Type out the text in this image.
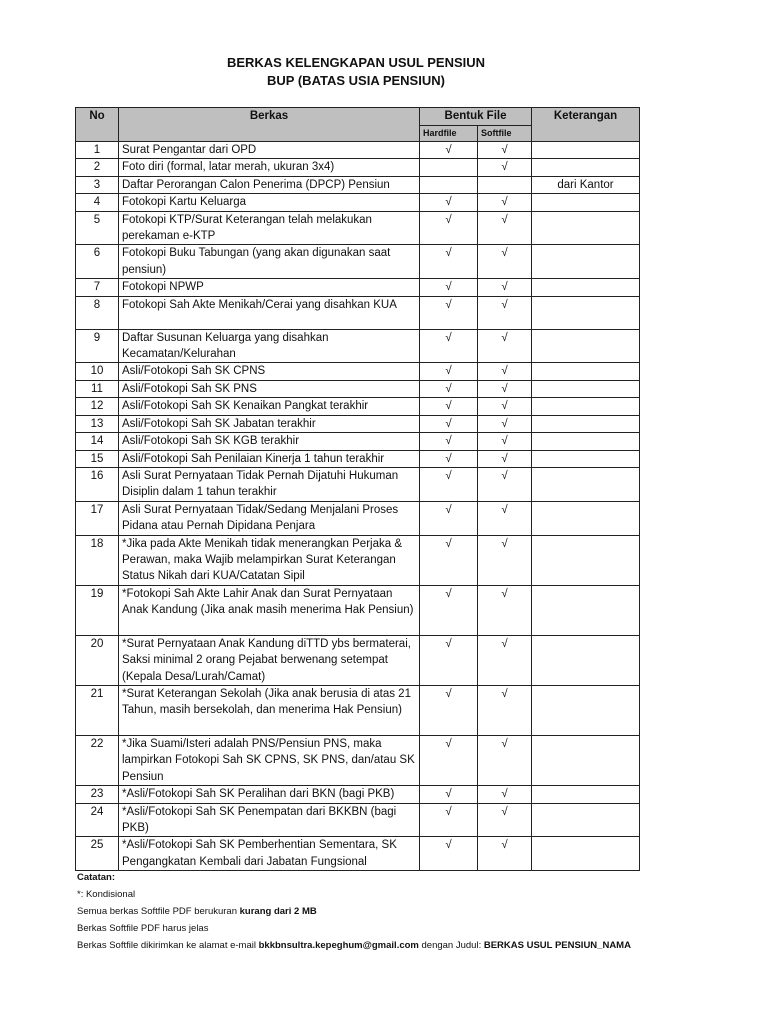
BERKAS KELENGKAPAN USUL PENSIUN
BUP (BATAS USIA PENSIUN)
No	Berkas	Bentuk File		Keterangan
		Hardfile	Softfile	
1	Surat Pengantar dari OPD	√	√	
2	Foto diri (formal, latar merah, ukuran 3x4)		√	
3	Daftar Perorangan Calon Penerima (DPCP) Pensiun			dari Kantor
4	Fotokopi Kartu Keluarga	√	√	
5	Fotokopi KTP/Surat Keterangan telah melakukan perekaman e-KTP	√	√	
6	Fotokopi Buku Tabungan (yang akan digunakan saat pensiun)	√	√	
7	Fotokopi NPWP	√	√	
8	Fotokopi Sah Akte Menikah/Cerai yang disahkan KUA	√	√	
9	Daftar Susunan Keluarga yang disahkan Kecamatan/Kelurahan	√	√	
10	Asli/Fotokopi Sah SK CPNS	√	√	
11	Asli/Fotokopi Sah SK PNS	√	√	
12	Asli/Fotokopi Sah SK Kenaikan Pangkat terakhir	√	√	
13	Asli/Fotokopi Sah SK Jabatan terakhir	√	√	
14	Asli/Fotokopi Sah SK KGB terakhir	√	√	
15	Asli/Fotokopi Sah Penilaian Kinerja 1 tahun terakhir	√	√	
16	Asli Surat Pernyataan Tidak Pernah Dijatuhi Hukuman Disiplin dalam 1 tahun terakhir	√	√	
17	Asli Surat Pernyataan Tidak/Sedang Menjalani Proses Pidana atau Pernah Dipidana Penjara	√	√	
18	*Jika pada Akte Menikah tidak menerangkan Perjaka & Perawan, maka Wajib melampirkan Surat Keterangan Status Nikah dari KUA/Catatan Sipil	√	√	
19	*Fotokopi Sah Akte Lahir Anak dan Surat Pernyataan Anak Kandung (Jika anak masih menerima Hak Pensiun)	√	√	
20	*Surat Pernyataan Anak Kandung diTTD ybs bermaterai, Saksi minimal 2 orang Pejabat berwenang setempat (Kepala Desa/Lurah/Camat)	√	√	
21	*Surat Keterangan Sekolah (Jika anak berusia di atas 21 Tahun, masih bersekolah, dan menerima Hak Pensiun)	√	√	
22	*Jika Suami/Isteri adalah PNS/Pensiun PNS, maka lampirkan Fotokopi Sah SK CPNS, SK PNS, dan/atau SK Pensiun	√	√	
23	*Asli/Fotokopi Sah SK Peralihan dari BKN (bagi PKB)	√	√	
24	*Asli/Fotokopi Sah SK Penempatan dari BKKBN (bagi PKB)	√	√	
25	*Asli/Fotokopi Sah SK Pemberhentian Sementara, SK Pengangkatan Kembali dari Jabatan Fungsional	√	√	
Catatan:
*: Kondisional
Semua berkas Softfile PDF berukuran kurang dari 2 MB
Berkas Softfile PDF harus jelas
Berkas Softfile dikirimkan ke alamat e-mail bkkbnsultra.kepeghum@gmail.com dengan Judul: BERKAS USUL PENSIUN_NAMA
